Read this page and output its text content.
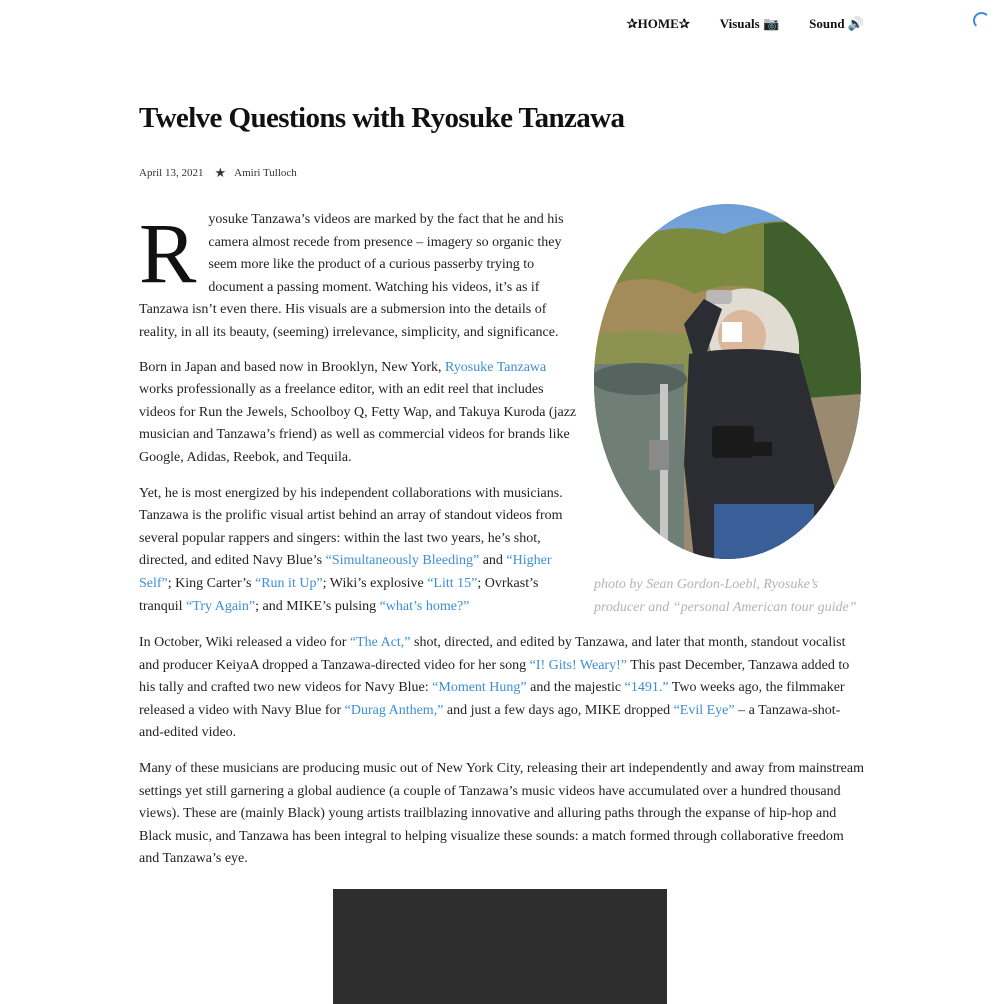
✰HOME✰ Visuals 📷 Sound 🔊
Twelve Questions with Ryosuke Tanzawa
April 13, 2021 ★ Amiri Tulloch

Ryosuke Tanzawa’s videos are marked by the fact that he and his camera almost recede from presence – imagery so organic they seem more like the product of a curious passerby trying to document a passing moment. Watching his videos, it’s as if Tanzawa isn’t even there. His visuals are a submersion into the details of reality, in all its beauty, (seeming) irrelevance, simplicity, and significance.

Born in Japan and based now in Brooklyn, New York, Ryosuke Tanzawa works professionally as a freelance editor, with an edit reel that includes videos for Run the Jewels, Schoolboy Q, Fetty Wap, and Takuya Kuroda (jazz musician and Tanzawa’s friend) as well as commercial videos for brands like Google, Adidas, Reebok, and Tequila.

Yet, he is most energized by his independent collaborations with musicians. Tanzawa is the prolific visual artist behind an array of standout videos from several popular rappers and singers: within the last two years, he’s shot, directed, and edited Navy Blue’s “Simultaneously Bleeding” and “Higher Self”; King Carter’s “Run it Up”; Wiki’s explosive “Litt 15”; Ovrkast’s tranquil “Try Again”; and MIKE’s pulsing “what’s home?”

photo by Sean Gordon-Loebl, Ryosuke’s producer and “personal American tour guide”

In October, Wiki released a video for “The Act,” shot, directed, and edited by Tanzawa, and later that month, standout vocalist and producer KeiyaA dropped a Tanzawa-directed video for her song “I! Gits! Weary!” This past December, Tanzawa added to his tally and crafted two new videos for Navy Blue: “Moment Hung” and the majestic “1491.” Two weeks ago, the filmmaker released a video with Navy Blue for “Durag Anthem,” and just a few days ago, MIKE dropped “Evil Eye” – a Tanzawa-shot-and-edited video.

Many of these musicians are producing music out of New York City, releasing their art independently and away from mainstream settings yet still garnering a global audience (a couple of Tanzawa’s music videos have accumulated over a hundred thousand views). These are (mainly Black) young artists trailblazing innovative and alluring paths through the expanse of hip-hop and Black music, and Tanzawa has been integral to helping visualize these sounds: a match formed through collaborative freedom and Tanzawa’s eye.
